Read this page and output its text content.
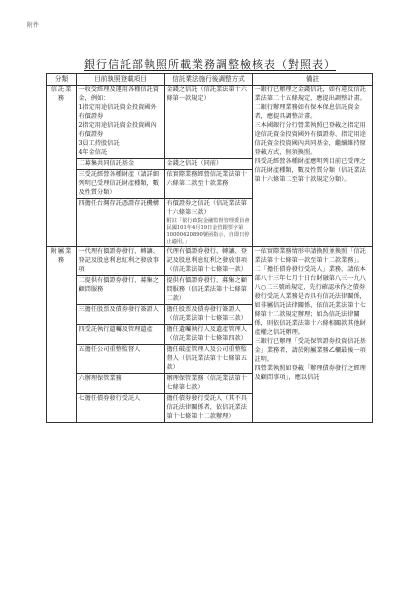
附件
銀行信託部執照所載業務調整檢核表（對照表）
分類	目前執照登載項目	信託業法施行後調整方式	備註
信託業務	一收受經理及運用各種信託資金，例如：
1指定用途信託資金投資國外有價證券
2指定用途信託資金投資國內有價證券
3員工持股信託
4年金信託	金錢之信託（信託業法第十六條第一款規定）	一銀行已辦理之金錢信託，如有違反信託業法第二十五條規定，應提出調整計畫。
二銀行辦理業務如有保本保息信託資金者，應提具調整計畫。
三本國銀行分行營業執照已登載之指定用途信託資金投資國外有價證券、指定用途信託資金投資國內共同基金，繼續維持原登載方式，無須換照。
四受託經營各種財產應明列目前已受理之信託財產種類，數及性質分類（信託業法第十六條第二至第十款規定分類）。

	二募集共同信託基金	金錢之信託（同前）	
	三受託經營各種財產（請詳細列明已受理信託財產種類，數及性質分類）	依實際業務經營信託業法第十六條第二款至十款業務	
	四擔任台灣存託憑證存託機構	有價證券之信託（信託業法第十六條第三款）
附註「依行政院金融監督管理委員會民國101年4月19日金管銀票字第10000420890號函指示，自即日停止適用。」	

附屬業務	一代理有價證券發行、轉讓、登記及股息利息紅利之發放事項	代理有價證券發行、轉讓、登記及股息利息紅利之發放事項（信託業法第十七條第一款）	一依實際業務情形申請換照並換照「信託業法第十七條第一款至第十二款業務」。
二「擔任債券發行受託人」業務，請依本部八十三年七月十日台財融第八三一九八八○二三號函規定，先行確認承作之債券發行受託人業務是否具有信託法律關係，如非屬信託法律關係，依信託業法第十七條第十二款規定辦理；如為信託法律關係，則依信託業法第十六條相關款其他財產權之信託辦理。
三銀行已辦理「受託保管證券投資信託基金」業務者，請於附屬業務乙欄最後一項註明。
四營業執照如登載「辦理債券發行之經理及顧問事項」，應以信託

	二提供有價證券發行、募集之顧問服務	提供有價證券發行、募集之顧問服務（信託業法第十七條第二款）	
	三擔任股票及債券發行簽證人	擔任股票及債券發行簽證人（信託業法第十七條第三款）	
	四受託執行遺囑及管理遺產	擔任遺囑執行人及遺產管理人（信託業法第十七條第四款）	
	五擔任公司重整監督人	擔任破產管理人及公司重整監督人（信託業法第十七條第五款）	
	六辦理保管業務	辦理保管業務（信託業法第十七條第七款）	
	七擔任債券發行受託人	擔任債券發行受託人（其不具信託法律關係者，依信託業法第十七條第十二款辦理）	
